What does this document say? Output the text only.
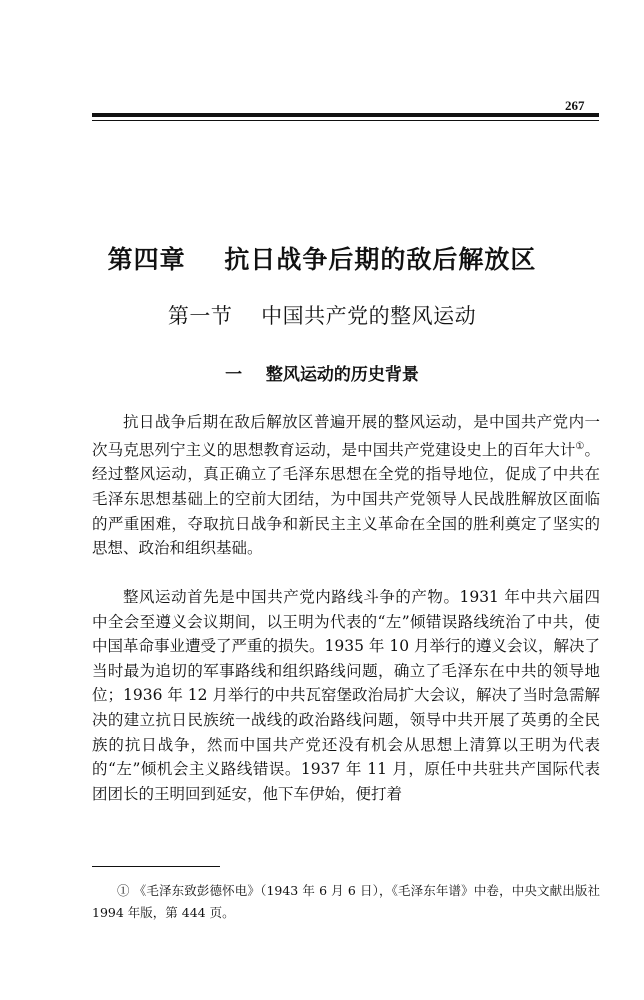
267
第四章    抗日战争后期的敌后解放区
第一节    中国共产党的整风运动
一    整风运动的历史背景

抗日战争后期在敌后解放区普遍开展的整风运动，是中国共产党内一次马克思列宁主义的思想教育运动，是中国共产党建设史上的百年大计①。经过整风运动，真正确立了毛泽东思想在全党的指导地位，促成了中共在毛泽东思想基础上的空前大团结，为中国共产党领导人民战胜解放区面临的严重困难，夺取抗日战争和新民主主义革命在全国的胜利奠定了坚实的思想、政治和组织基础。

整风运动首先是中国共产党内路线斗争的产物。1931 年中共六届四中全会至遵义会议期间，以王明为代表的“左”倾错误路线统治了中共，使中国革命事业遭受了严重的损失。1935 年 10 月举行的遵义会议，解决了当时最为追切的军事路线和组织路线问题，确立了毛泽东在中共的领导地位；1936 年 12 月举行的中共瓦窑堡政治局扩大会议，解决了当时急需解决的建立抗日民族统一战线的政治路线问题，领导中共开展了英勇的全民族的抗日战争，然而中国共产党还没有机会从思想上清算以王明为代表的“左”倾机会主义路线错误。1937 年 11 月，原任中共驻共产国际代表团团长的王明回到延安，他下车伊始，便打着

① 《毛泽东致彭德怀电》（1943 年 6 月 6 日），《毛泽东年谱》中卷，中央文献出版社 1994 年版，第 444 页。
